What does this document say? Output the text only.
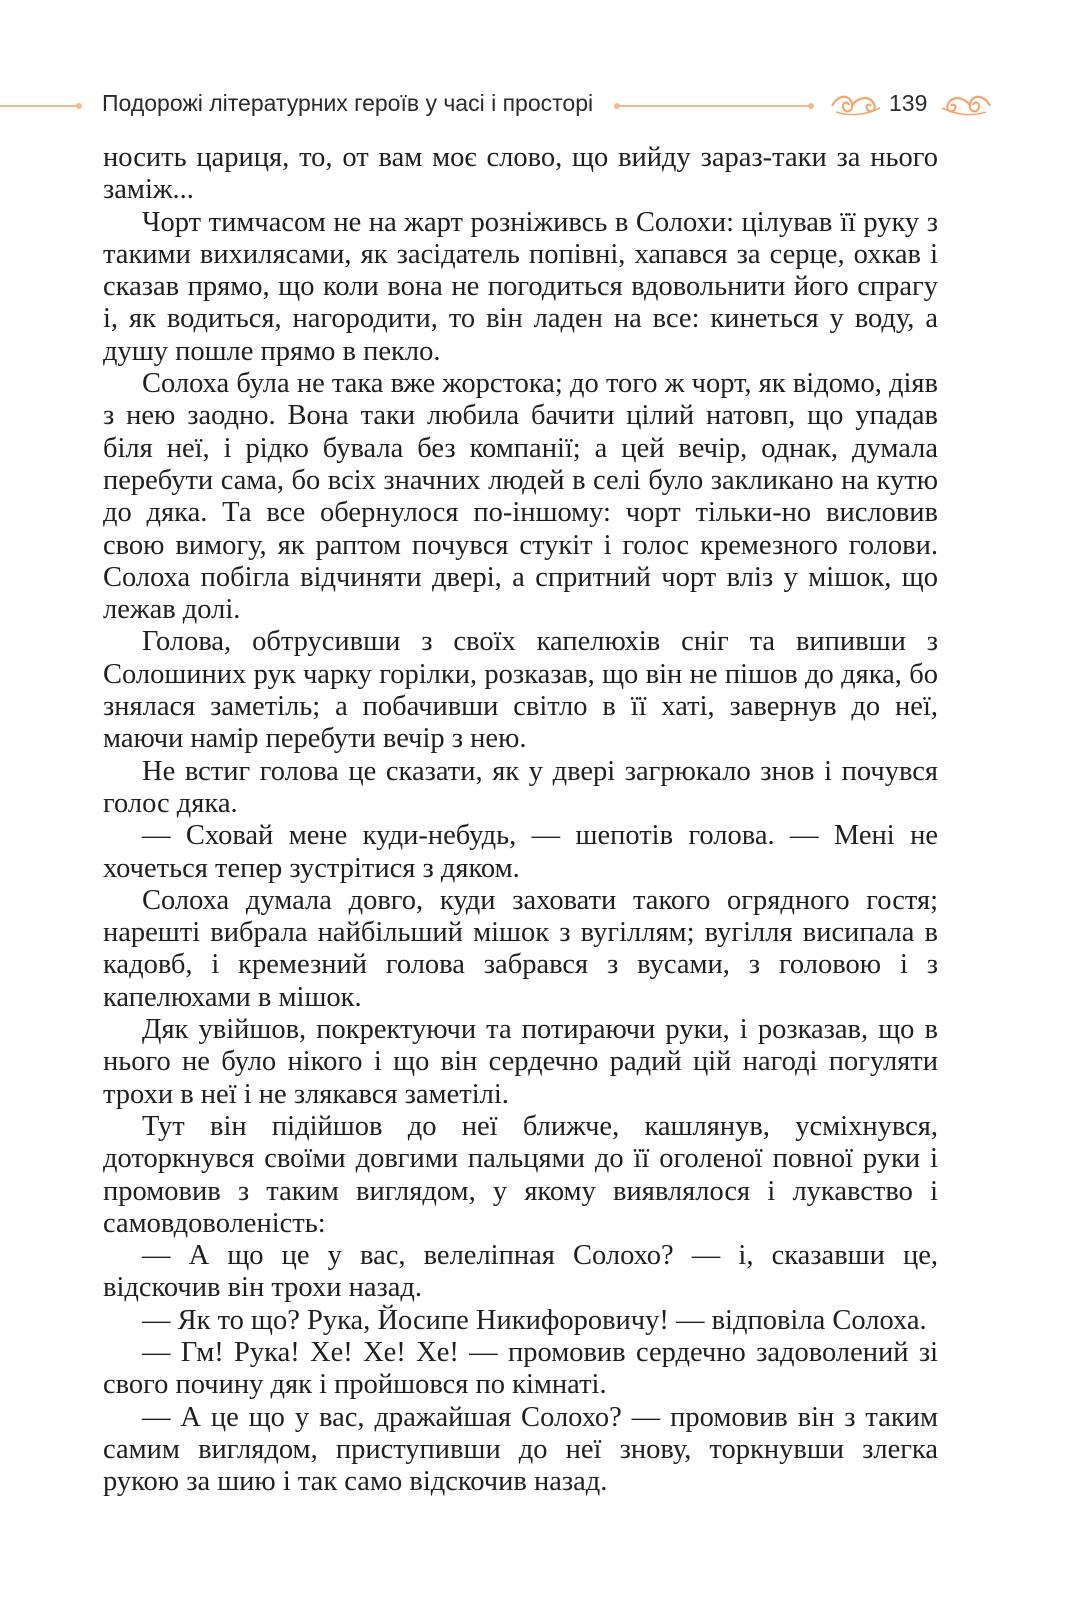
Подорожі літературних героїв у часі і просторі	139

носить цариця, то, от вам моє слово, що вийду зараз-таки за нього заміж...

Чорт тимчасом не на жарт розніживсь в Солохи: цілував її руку з такими вихилясами, як засідатель попівні, хапався за серце, охкав і сказав прямо, що коли вона не погодиться вдовольнити його спрагу і, як водиться, нагородити, то він ладен на все: кинеться у воду, а душу пошле прямо в пекло.

Солоха була не така вже жорстока; до того ж чорт, як відомо, діяв з нею заодно. Вона таки любила бачити цілий натовп, що упадав біля неї, і рідко бувала без компанії; а цей вечір, однак, думала перебути сама, бо всіх значних людей в селі було закликано на кутю до дяка. Та все обернулося по-іншому: чорт тільки-но висловив свою вимогу, як раптом почувся стукіт і голос кремезного голови. Солоха побігла відчиняти двері, а спритний чорт вліз у мішок, що лежав долі.

Голова, обтрусивши з своїх капелюхів сніг та випивши з Солошиних рук чарку горілки, розказав, що він не пішов до дяка, бо знялася заметіль; а побачивши світло в її хаті, завернув до неї, маючи намір перебути вечір з нею.

Не встиг голова це сказати, як у двері загрюкало знов і почувся голос дяка.

— Сховай мене куди-небудь, — шепотів голова. — Мені не хочеться тепер зустрітися з дяком.

Солоха думала довго, куди заховати такого огрядного гостя; нарешті вибрала найбільший мішок з вугіллям; вугілля висипала в кадовб, і кремезний голова забрався з вусами, з головою і з капелюхами в мішок.

Дяк увійшов, покректуючи та потираючи руки, і розказав, що в нього не було нікого і що він сердечно радий цій нагоді погуляти трохи в неї і не злякався заметілі.

Тут він підійшов до неї ближче, кашлянув, усміхнувся, доторкнувся своїми довгими пальцями до її оголеної повної руки і промовив з таким виглядом, у якому виявлялося і лукавство і самовдоволеність:

— А що це у вас, велеліпная Солохо? — і, сказавши це, відскочив він трохи назад.

— Як то що? Рука, Йосипе Никифоровичу! — відповіла Солоха.

— Гм! Рука! Хе! Хе! Хе! — промовив сердечно задоволений зі свого почину дяк і пройшовся по кімнаті.

— А це що у вас, дражайшая Солохо? — промовив він з таким самим виглядом, приступивши до неї знову, торкнувши злегка рукою за шию і так само відскочив назад.
